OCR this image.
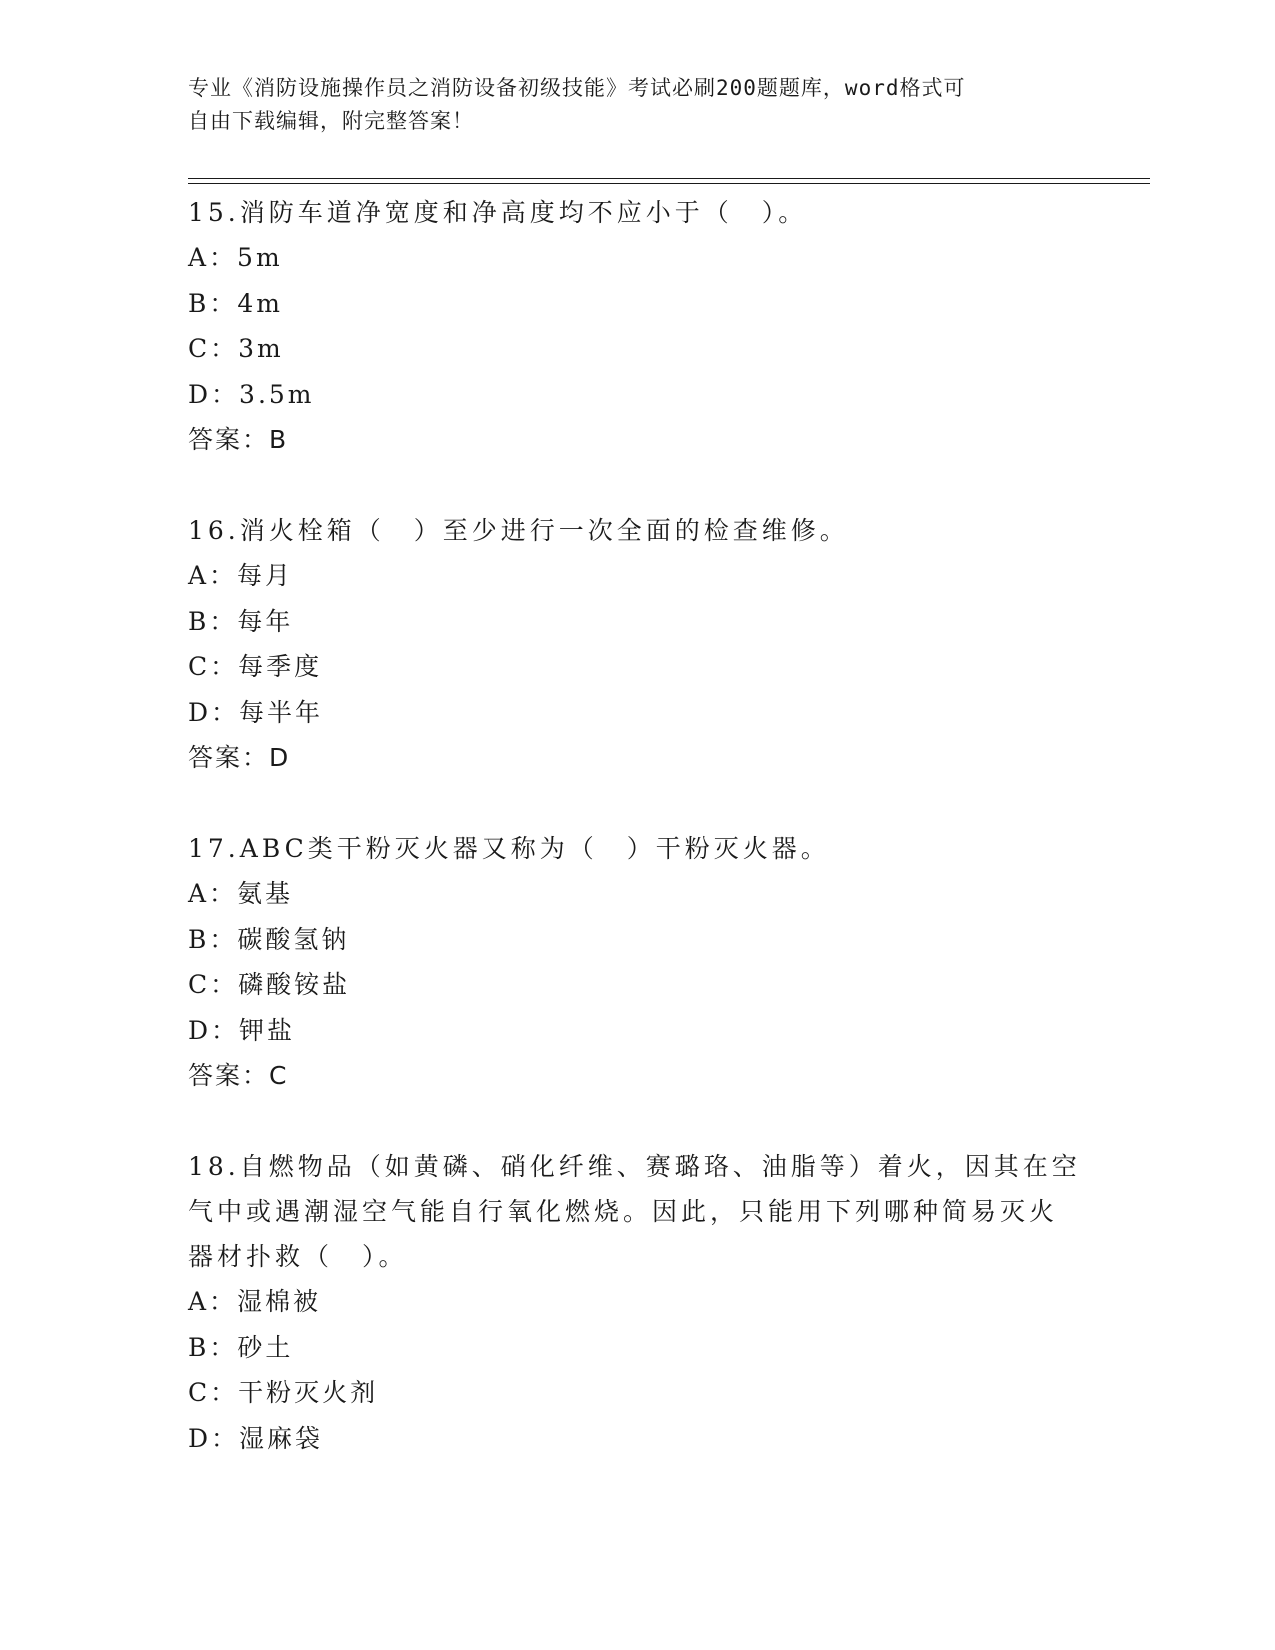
专业《消防设施操作员之消防设备初级技能》考试必刷200题题库，word格式可
自由下载编辑，附完整答案！

15.消防车道净宽度和净高度均不应小于（　）。

A：5m

B：4m

C：3m

D：3.5m

答案：B

16.消火栓箱（　）至少进行一次全面的检查维修。

A：每月

B：每年

C：每季度

D：每半年

答案：D

17.ABC类干粉灭火器又称为（　）干粉灭火器。

A：氨基

B：碳酸氢钠

C：磷酸铵盐

D：钾盐

答案：C

18.自燃物品（如黄磷、硝化纤维、赛璐珞、油脂等）着火，因其在空

气中或遇潮湿空气能自行氧化燃烧。因此，只能用下列哪种简易灭火

器材扑救（　）。

A：湿棉被

B：砂土

C：干粉灭火剂

D：湿麻袋
